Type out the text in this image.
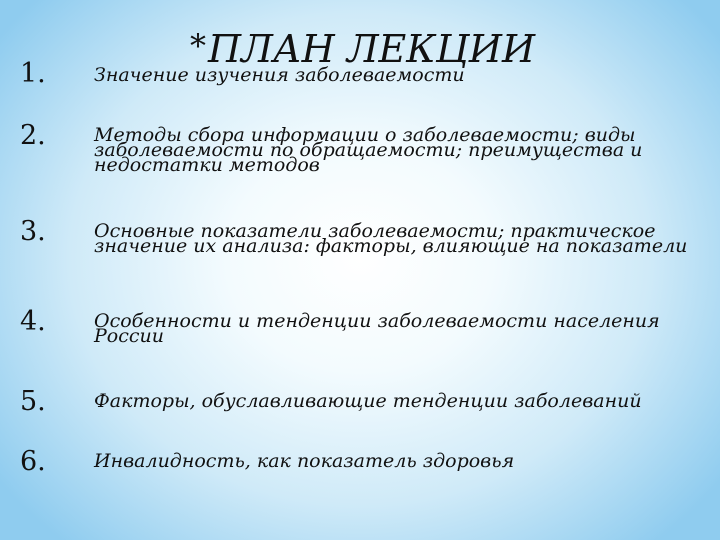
*ПЛАН ЛЕКЦИИ
1.	Значение изучения заболеваемости
2.	Методы сбора информации о заболеваемости; виды заболеваемости по обращаемости; преимущества и недостатки методов
3.	Основные показатели заболеваемости; практическое значение их анализа: факторы, влияющие на показатели
4.	Особенности и тенденции заболеваемости населения России
5.	Факторы, обуславливающие тенденции заболеваний
6.	Инвалидность, как показатель здоровья
